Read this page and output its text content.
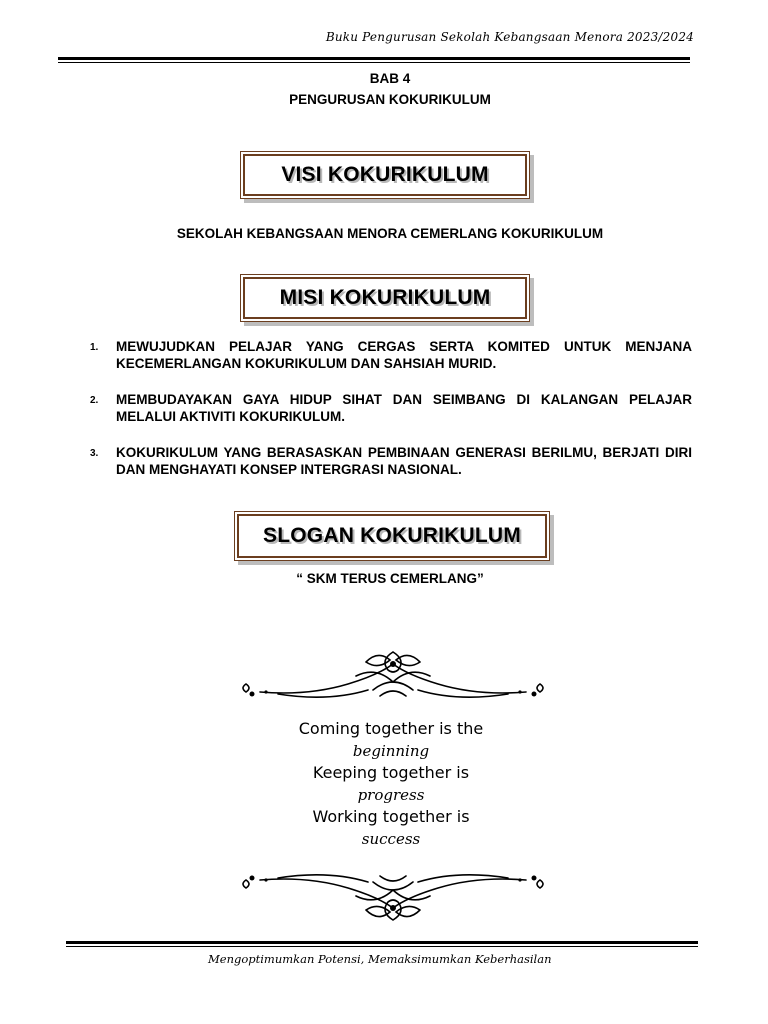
Buku Pengurusan Sekolah Kebangsaan Menora 2023/2024
BAB 4
PENGURUSAN KOKURIKULUM
VISI KOKURIKULUM
SEKOLAH KEBANGSAAN MENORA CEMERLANG KOKURIKULUM
MISI KOKURIKULUM
1. MEWUJUDKAN PELAJAR YANG CERGAS SERTA KOMITED UNTUK MENJANA KECEMERLANGAN KOKURIKULUM DAN SAHSIAH MURID.
2. MEMBUDAYAKAN GAYA HIDUP SIHAT DAN SEIMBANG DI KALANGAN PELAJAR MELALUI AKTIVITI KOKURIKULUM.
3. KOKURIKULUM YANG BERASASKAN PEMBINAAN GENERASI BERILMU, BERJATI DIRI DAN MENGHAYATI KONSEP INTERGRASI NASIONAL.
SLOGAN KOKURIKULUM
“ SKM TERUS CEMERLANG”
Coming together is the
beginning
Keeping together is
progress
Working together is
success
Mengoptimumkan Potensi, Memaksimumkan Keberhasilan
